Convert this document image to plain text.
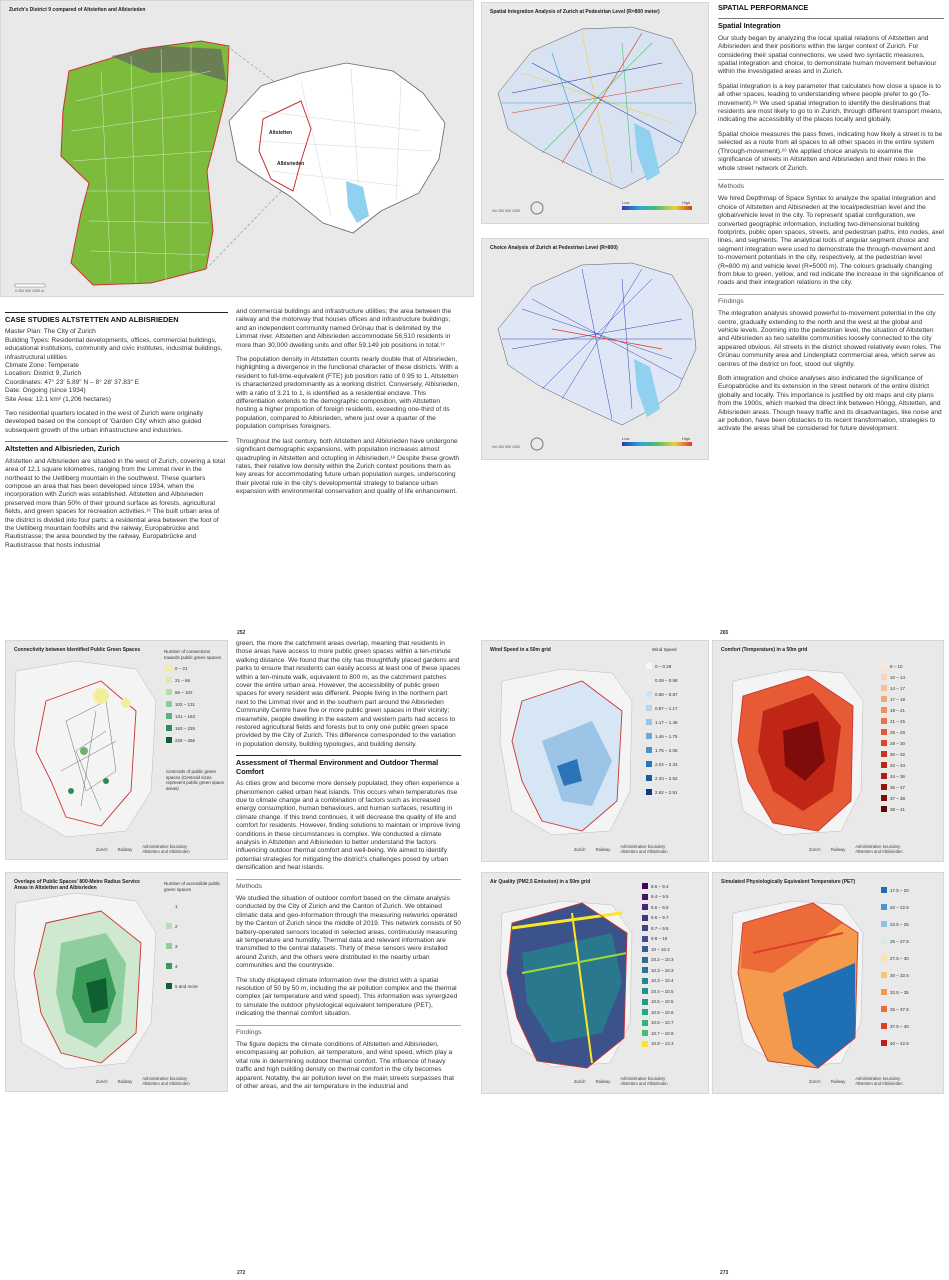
Zurich's District 9 compared of Altstetten and Albisrieden
Altstetten
Albisrieden
0 250 500 1000 m
CASE STUDIES ALTSTETTEN AND ALBISRIEDEN
Master Plan: The City of Zurich
Building Types: Residential developments, offices, commercial buildings, educational institutions, community and civic institutes, industrial buildings, infrastructural utilities
Climate Zone: Temperate
Location: District 9, Zurich
Coordinates: 47° 23' 5.89" N – 8° 28' 37.83" E
Date: Ongoing (since 1934)
Site Area: 12.1 km² (1,206 hectares)

Two residential quarters located in the west of Zurich were originally developed based on the concept of 'Garden City' which also guided subsequent growth of the urban infrastructure and industries.

Altstetten and Albisrieden, Zurich

Altstetten and Albisrieden are situated in the west of Zurich, covering a total area of 12.1 square kilometres, ranging from the Limmat river in the northeast to the Uetliberg mountain in the southwest. These quarters compose an area that has been developed since 1934, when the incorporation with Zurich was established. Altstetten and Albisrieden preserved more than 50% of their ground surface as forests, agricultural fields, and green spaces for recreation activities.¹⁶ The built urban area of the district is divided into four parts: a residential area between the foot of the Uetliberg mountain foothills and the railway, Europabrücke and Rautistrasse; the area bounded by the railway, Europabrücke and Rautistrasse that hosts industrial

and commercial buildings and infrastructure utilities; the area between the railway and the motorway that houses offices and infrastructure buildings; and an independent community named Grünau that is delimited by the Limmat river. Altstetten and Albisrieden accommodate 56,510 residents in more than 30,000 dwelling units and offer 59,149 job positions in total.¹⁷

The population density in Altstetten counts nearly double that of Albisrieden, highlighting a divergence in the functional character of these districts. With a resident to full-time-equivalent (FTE) job position ratio of 0.95 to 1, Altstetten is characterized predominantly as a working district. Conversely, Albisrieden, with a ratio of 3.21 to 1, is identified as a residential enclave. This differentiation extends to the demographic composition, with Altstetten hosting a higher proportion of foreign residents, exceeding one-third of its population, compared to Albisrieden, where just over a quarter of the population comprises foreigners.

Throughout the last century, both Altstetten and Albisrieden have undergone significant demographic expansions, with population increases almost quadrupling in Altstetten and octupling in Albisrieden.¹⁸ Despite these growth rates, their relative low density within the Zurich context positions them as key areas for accommodating future urban population surges, underscoring their pivotal role in the city's developmental strategy to balance urban expansion with environmental conservation and quality of life enhancement.

Spatial Integration Analysis of Zurich at Pedestrian Level (R=800 meter)
0m 250 500 1000
Low	High
Choice Analysis of Zurich at Pedestrian Level (R=800)
0m 250 500 1000
Low	High
SPATIAL PERFORMANCE
Spatial Integration

Our study began by analyzing the local spatial relations of Altstetten and Albisrieden and their positions within the larger context of Zurich. For considering their spatial connections, we used two syntactic measures, spatial integration and choice, to demonstrate human movement behaviour within the investigated areas and in Zurich.

Spatial integration is a key parameter that calculates how close a space is to all other spaces, leading to understanding where people prefer to go (To-movement).²⁸ We used spatial integration to identify the destinations that residents are most likely to go to in Zurich, through different transport means, indicating the accessibility of the places locally and globally.

Spatial choice measures the pass flows, indicating how likely a street is to be selected as a route from all spaces to all other spaces in the entire system (Through-movement).²⁹ We applied choice analysis to examine the significance of streets in Altstetten and Albisrieden and their roles in the whole street network of Zurich.

Methods

We hired Depthmap of Space Syntax to analyze the spatial integration and choice of Altstetten and Albisrieden at the local/pedestrian level and the global/vehicle level in the city. To represent spatial configuration, we converted geographic information, including two-dimensional building footprints, public open spaces, streets, and pedestrian paths, into nodes, axel lines, and segments. The analytical tools of angular segment choice and segment integration were used to demonstrate the through-movement and to-movement potentials in the city, respectively, at the pedestrian level (R=800 m) and vehicle level (R=5000 m). The colours gradually changing from blue to green, yellow, and red indicate the increase in the significance of roads and their integration relations in the city.

Findings

The integration analysis showed powerful to-movement potential in the city centre, gradually extending to the north and the west at the global and vehicle levels. Zooming into the pedestrian level, the situation of Altstetten and Albisrieden as two satellite communities loosely connected to the city appeared obvious. All streets in the district showed relatively even roles. The Grünau community area and Lindenplatz commercial area, which serve as centres of the district on foot, stood out slightly.

Both integration and choice analyses also indicated the significance of Europabrücke and its extension in the street network of the entire district globally and locally. This importance is justified by old maps and city plans from the 1900s, which marked the direct link between Höngg, Altstetten, and Albisrieden areas. Though heavy traffic and its disadvantages, like noise and air pollution, have been obstacles to its recent transformation, strategies to activate the areas shall be considered for future development.

252	265
Connectivity between Identified Public Green Spaces	Number of connections towards public green spaces
Centroids of public green spaces (Centroid sizes represent public green space areas)
Zurich Railway Administrative boundary Altstetten and Albisrieden
0 – 21
21 – 66
66 – 102
102 – 131
131 – 163
163 – 226
226 – 256
Overlaps of Public Spaces' 800-Metre Radius Service Areas in Altstetten and Albisrieden
Number of accessible public green spaces
Zurich Railway Administrative boundary Altstetten and Albisrieden
1
2
3
4
5 and more

green, the more the catchment areas overlap, meaning that residents in those areas have access to more public green spaces within a ten-minute walking distance. We found that the city has thoughtfully placed gardens and parks to ensure that residents can easily access at least one of these spaces within a ten-minute walk, equivalent to 800 m, as the catchment patches cover the entire urban area. However, the accessibility of public green spaces for every resident was different. People living in the northern part next to the Limmat river and in the southern part around the Albisrieden Community Centre have five or more public green spaces in their vicinity; meanwhile, people dwelling in the eastern and western parts had access to restored agricultural fields and forests but to only one public green space provided by the City of Zurich. This difference corresponded to the variation in population density, building typologies, and building density.

Assessment of Thermal Environment and Outdoor Thermal Comfort

As cities grow and become more densely populated, they often experience a phenomenon called urban heat islands. This occurs when temperatures rise due to climate change and a combination of factors such as increased energy consumption, human behaviours, and human surfaces, resulting in climate change. If this trend continues, it will decrease the quality of life and comfort for residents. However, finding solutions to maintain or improve living conditions in these circumstances is complex. We conducted a climate analysis in Altstetten and Albisrieden to better understand the factors influencing outdoor thermal comfort and well-being. We aimed to identify potential strategies for mitigating the district's challenges posed by urban densification and heat islands.

Methods

We studied the situation of outdoor comfort based on the climate analysis conducted by the City of Zurich and the Canton of Zurich. We obtained climatic data and geo-information through the measuring networks operated by the Canton of Zurich since the middle of 2019. This network consists of 50 battery-operated sensors located in selected areas, continuously measuring air temperature and humidity. Thermal data and relevant information are transmitted to the central datasets. Thirty of these sensors were installed around Zurich, and the others were distributed in the nearby urban communities and the countryside.

The study displayed climate information over the district with a spatial resolution of 50 by 50 m, including the air pollution complex and the thermal complex (air temperature and wind speed). This information was synergized to simulate the outdoor physiological equivalent temperature (PET), indicating the thermal comfort situation.

Findings

The figure depicts the climate conditions of Altstetten and Albisrieden, encompassing air pollution, air temperature, and wind speed, which play a vital role in determining outdoor thermal comfort. The influence of heavy traffic and high building density on thermal comfort in the city becomes apparent. Notably, the air pollution level on the main streets surpasses that of other areas, and the air temperature in the industrial and

272
Wind Speed in a 50m grid	Wind Speed
Zurich Railway Administrative boundary Altstetten and Albisrieden
0 – 0.29
0.29 – 0.58
0.58 – 0.87
0.87 – 1.17
1.17 – 1.46
1.46 – 1.75
1.75 – 2.05
2.04 – 2.33
2.33 – 2.62
2.62 – 2.91
Comfort (Temperature) in a 50m grid
Zurich Railway Administrative boundary Altstetten and Albisrieden
8 – 10
10 – 14
14 – 17
17 – 18
19 – 21
21 – 25
25 – 28
28 – 30
30 – 32
32 – 34
34 – 36
36 – 37
37 – 38
38 – 41
Air Quality (PM2.5 Emission) in a 50m grid
Zurich Railway Administrative boundary Altstetten and Albisrieden
8.6 – 9.4
9.4 – 9.5
9.5 – 9.6
9.6 – 9.7
9.7 – 9.8
9.8 – 10
10 – 10.2
10.2 – 10.3
10.3 – 10.3
10.3 – 10.4
10.4 – 10.5
10.5 – 10.5
10.5 – 10.6
10.6 – 10.7
10.7 – 10.9
10.9 – 13.3
Simulated Physiologically Equivalent Temperature (PET)
Zurich Railway Administrative boundary Altstetten and Albisrieden
17.5 – 20
20 – 22.5
22.5 – 25
25 – 27.5
27.5 – 30
30 – 32.5
32.5 – 35
35 – 37.5
37.5 – 40
40 – 42.5
273
